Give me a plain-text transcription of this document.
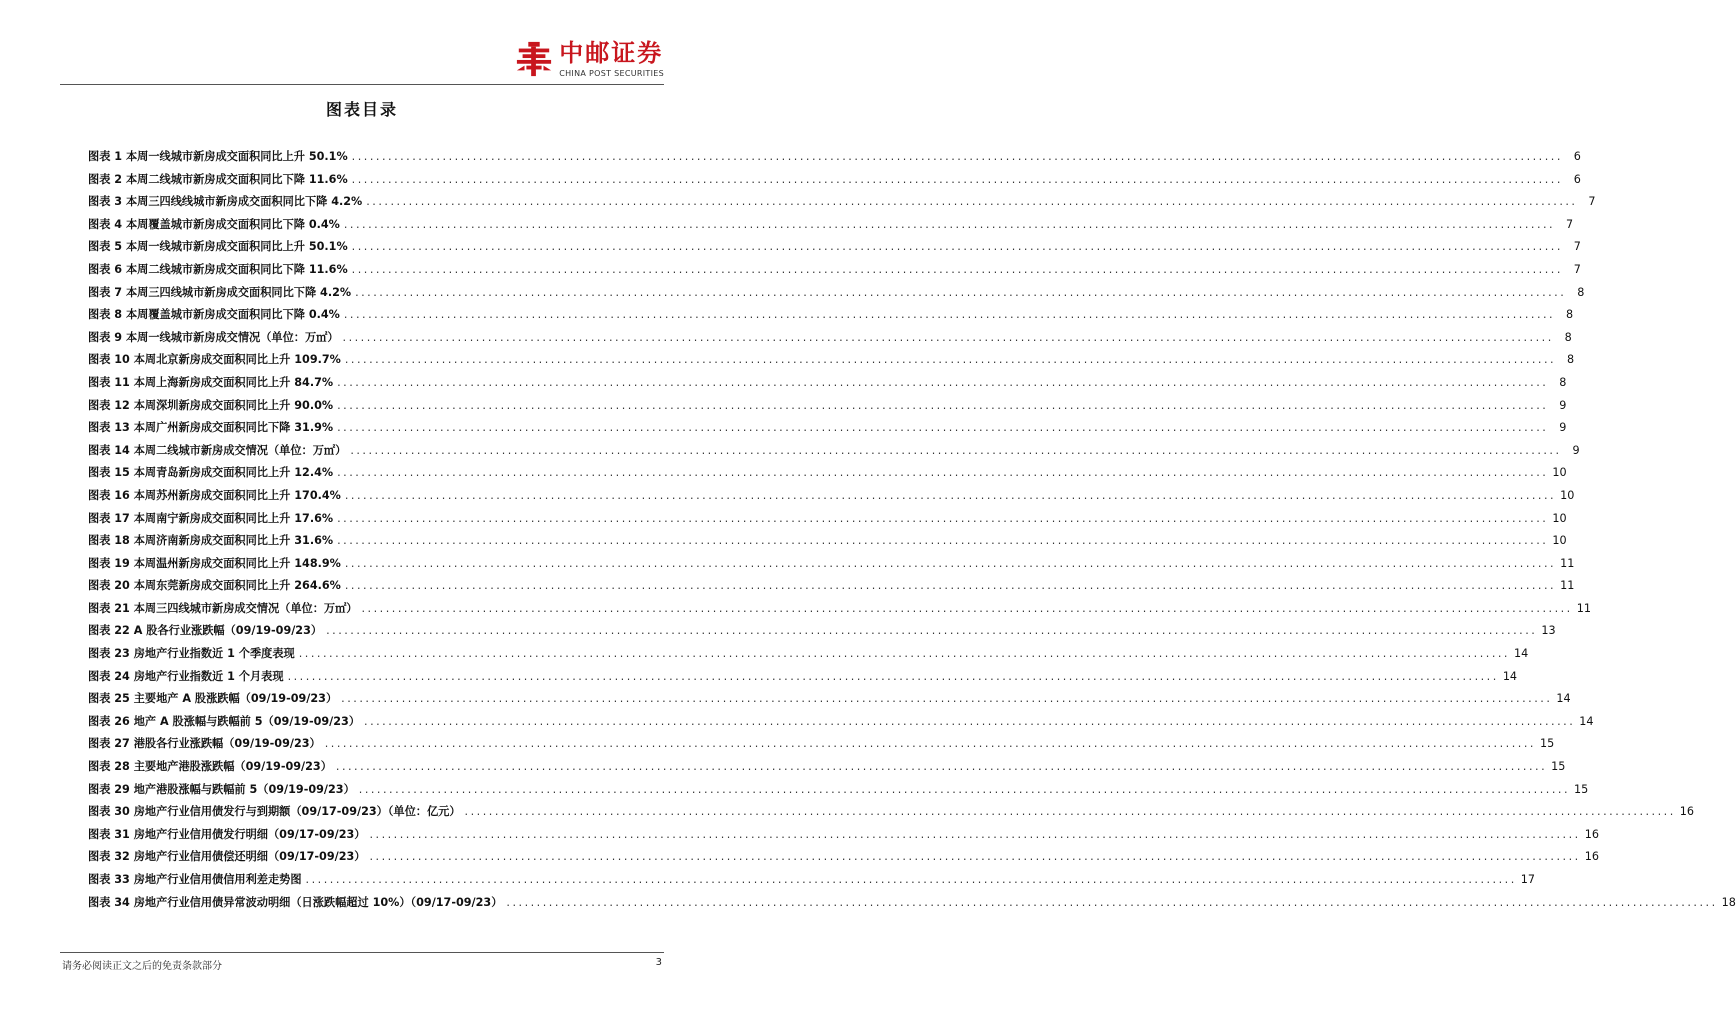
中邮证券
CHINA POST SECURITIES
图表目录
图表 1 本周一线城市新房成交面积同比上升 50.1% ........................................................................................................................................................................................................ 6
图表 2 本周二线城市新房成交面积同比下降 11.6% ........................................................................................................................................................................................................ 6
图表 3 本周三四线线城市新房成交面积同比下降 4.2% ........................................................................................................................................................................................................ 7
图表 4 本周覆盖城市新房成交面积同比下降 0.4% ........................................................................................................................................................................................................ 7
图表 5 本周一线城市新房成交面积同比上升 50.1% ........................................................................................................................................................................................................ 7
图表 6 本周二线城市新房成交面积同比下降 11.6% ........................................................................................................................................................................................................ 7
图表 7 本周三四线城市新房成交面积同比下降 4.2% ........................................................................................................................................................................................................ 8
图表 8 本周覆盖城市新房成交面积同比下降 0.4% ........................................................................................................................................................................................................ 8
图表 9 本周一线城市新房成交情况（单位：万㎡） ........................................................................................................................................................................................................ 8
图表 10 本周北京新房成交面积同比上升 109.7% ........................................................................................................................................................................................................ 8
图表 11 本周上海新房成交面积同比上升 84.7% ........................................................................................................................................................................................................ 8
图表 12 本周深圳新房成交面积同比上升 90.0% ........................................................................................................................................................................................................ 9
图表 13 本周广州新房成交面积同比下降 31.9% ........................................................................................................................................................................................................ 9
图表 14 本周二线城市新房成交情况（单位：万㎡） ........................................................................................................................................................................................................ 9
图表 15 本周青岛新房成交面积同比上升 12.4% ........................................................................................................................................................................................................ 10
图表 16 本周苏州新房成交面积同比上升 170.4% ........................................................................................................................................................................................................ 10
图表 17 本周南宁新房成交面积同比上升 17.6% ........................................................................................................................................................................................................ 10
图表 18 本周济南新房成交面积同比上升 31.6% ........................................................................................................................................................................................................ 10
图表 19 本周温州新房成交面积同比上升 148.9% ........................................................................................................................................................................................................ 11
图表 20 本周东莞新房成交面积同比上升 264.6% ........................................................................................................................................................................................................ 11
图表 21 本周三四线城市新房成交情况（单位：万㎡） ........................................................................................................................................................................................................ 11
图表 22 A 股各行业涨跌幅（09/19-09/23） ........................................................................................................................................................................................................ 13
图表 23 房地产行业指数近 1 个季度表现 ........................................................................................................................................................................................................ 14
图表 24 房地产行业指数近 1 个月表现 ........................................................................................................................................................................................................ 14
图表 25 主要地产 A 股涨跌幅（09/19-09/23） ........................................................................................................................................................................................................ 14
图表 26 地产 A 股涨幅与跌幅前 5（09/19-09/23） ........................................................................................................................................................................................................ 14
图表 27 港股各行业涨跌幅（09/19-09/23） ........................................................................................................................................................................................................ 15
图表 28 主要地产港股涨跌幅（09/19-09/23） ........................................................................................................................................................................................................ 15
图表 29 地产港股涨幅与跌幅前 5（09/19-09/23） ........................................................................................................................................................................................................ 15
图表 30 房地产行业信用债发行与到期额（09/17-09/23）（单位：亿元） ........................................................................................................................................................................................................ 16
图表 31 房地产行业信用债发行明细（09/17-09/23） ........................................................................................................................................................................................................ 16
图表 32 房地产行业信用债偿还明细（09/17-09/23） ........................................................................................................................................................................................................ 16
图表 33 房地产行业信用债信用利差走势图 ........................................................................................................................................................................................................ 17
图表 34 房地产行业信用债异常波动明细（日涨跌幅超过 10%）（09/17-09/23） ........................................................................................................................................................................................................ 18
请务必阅读正文之后的免责条款部分	3
